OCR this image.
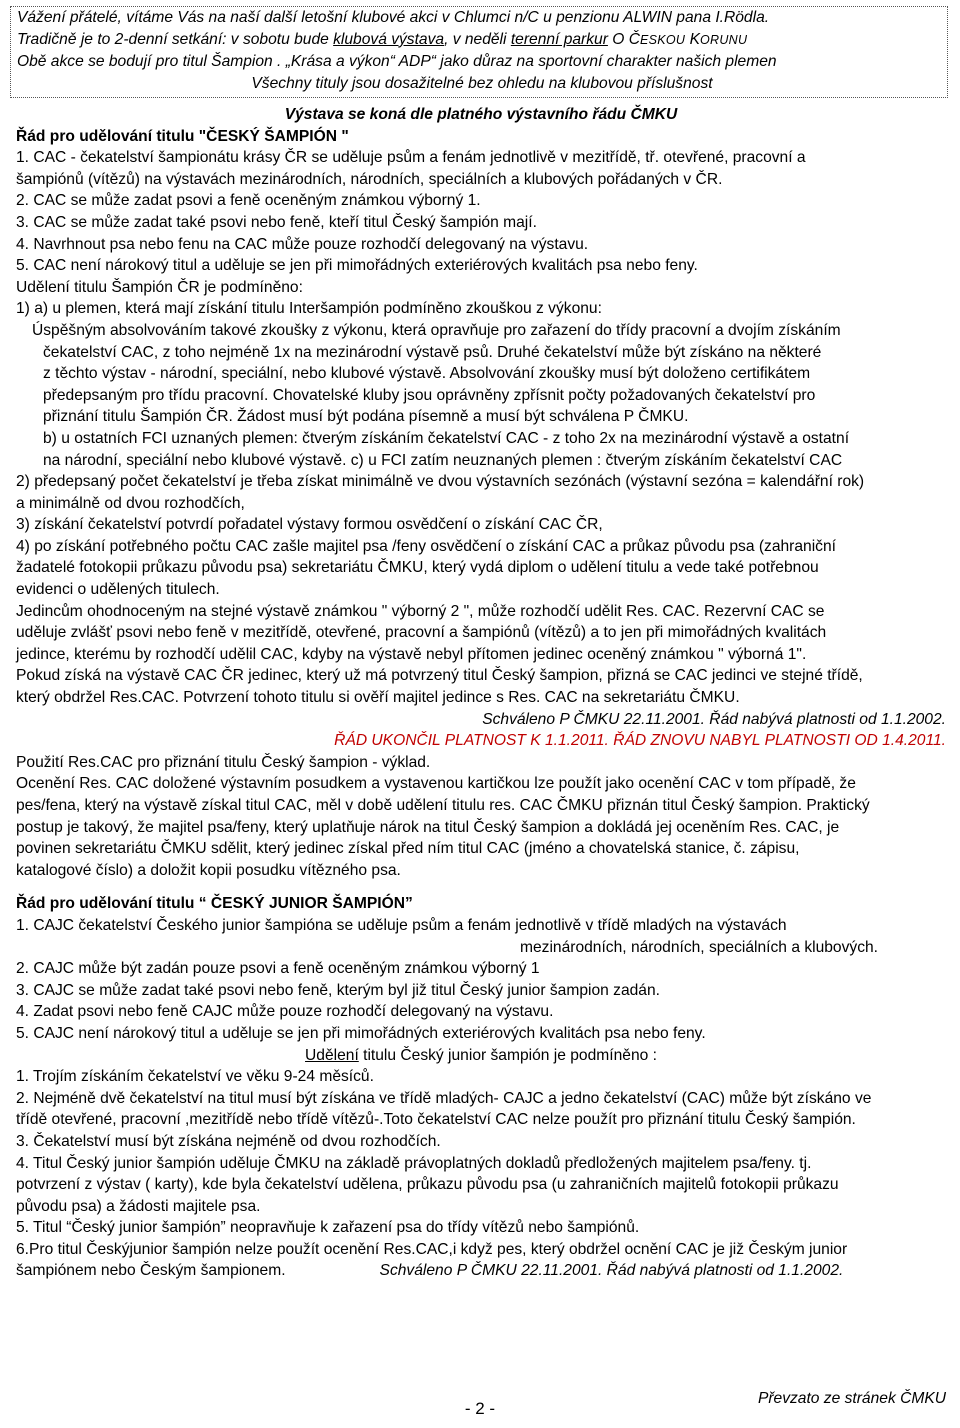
Vážení přátelé, vítáme Vás na naší další letošní klubové akci v Chlumci n/C u penzionu ALWIN pana I.Rödla.
Tradičně je to 2-denní setkání: v sobotu bude klubová výstava, v neděli terenní parkur O ČESKOU KORUNU
Obě akce se bodují pro titul Šampion . „Krása a výkon“ ADP“ jako důraz na sportovní charakter našich plemen
Všechny tituly jsou dosažitelné bez ohledu na klubovou příslušnost
Výstava se koná dle platného výstavního řádu ČMKU
Řád pro udělování titulu "ČESKÝ ŠAMPIÓN "
1. CAC - čekatelství šampionátu krásy ČR se uděluje psům a fenám jednotlivě v mezitřídě, tř. otevřené, pracovní a
šampiónů (vítězů) na výstavách mezinárodních, národních, speciálních a klubových pořádaných v ČR.
2. CAC se může zadat psovi a feně oceněným známkou výborný 1.
3. CAC se může zadat také psovi nebo feně, kteří titul Český šampión mají.
4. Navrhnout psa nebo fenu na CAC může pouze rozhodčí delegovaný na výstavu.
5. CAC není nárokový titul a uděluje se jen při mimořádných exteriérových kvalitách psa nebo feny.
Udělení titulu Šampión ČR je podmíněno:
1) a) u plemen, která mají získání titulu Interšampión podmíněno zkouškou z výkonu:
Úspěšným absolvováním takové zkoušky z výkonu, která opravňuje pro zařazení do třídy pracovní a dvojím získáním
čekatelství CAC, z toho nejméně 1x na mezinárodní výstavě psů. Druhé čekatelství může být získáno na některé
z těchto výstav - národní, speciální, nebo klubové výstavě. Absolvování zkoušky musí být doloženo certifikátem
předepsaným pro třídu pracovní. Chovatelské kluby jsou oprávněny zpřísnit počty požadovaných čekatelství pro
přiznání titulu Šampión ČR. Žádost musí být podána písemně a musí být schválena P ČMKU.
b) u ostatních FCI uznaných plemen: čtverým získáním čekatelství CAC - z toho 2x na mezinárodní výstavě a ostatní
na národní, speciální nebo klubové výstavě. c) u FCI zatím neuznaných plemen : čtverým získáním čekatelství CAC
2) předepsaný počet čekatelství je třeba získat minimálně ve dvou výstavních sezónách (výstavní sezóna = kalendářní rok)
a minimálně od dvou rozhodčích,
3) získání čekatelství potvrdí pořadatel výstavy formou osvědčení o získání CAC ČR,
4) po získání potřebného počtu CAC zašle majitel psa /feny osvědčení o získání CAC a průkaz původu psa (zahraniční
žadatelé fotokopii průkazu původu psa) sekretariátu ČMKU, který vydá diplom o udělení titulu a vede také potřebnou
evidenci o udělených titulech.
Jedincům ohodnoceným na stejné výstavě známkou " výborný 2 ", může rozhodčí udělit Res. CAC. Rezervní CAC se
uděluje zvlášť psovi nebo feně v mezitřídě, otevřené, pracovní a šampiónů (vítězů) a to jen při mimořádných kvalitách
jedince, kterému by rozhodčí udělil CAC, kdyby na výstavě nebyl přítomen jedinec oceněný známkou " výborná 1".
Pokud získá na výstavě CAC ČR jedinec, který už má potvrzený titul Český šampion, přizná se CAC jedinci ve stejné třídě,
který obdržel Res.CAC. Potvrzení tohoto titulu si ověří majitel jedince s Res. CAC na sekretariátu ČMKU.
Schváleno P ČMKU 22.11.2001. Řád nabývá platnosti od 1.1.2002.
ŘÁD UKONČIL PLATNOST K 1.1.2011. ŘÁD ZNOVU NABYL PLATNOSTI OD 1.4.2011.
Použití Res.CAC pro přiznání titulu Český šampion - výklad.
Ocenění Res. CAC doložené výstavním posudkem a vystavenou kartičkou lze použít jako ocenění CAC v tom případě, že
pes/fena, který na výstavě získal titul CAC, měl v době udělení titulu res. CAC ČMKU přiznán titul Český šampion. Praktický
postup je takový, že majitel psa/feny, který uplatňuje nárok na titul Český šampion a dokládá jej oceněním Res. CAC, je
povinen sekretariátu ČMKU sdělit, který jedinec získal před ním titul CAC (jméno a chovatelská stanice, č. zápisu,
katalogové číslo) a doložit kopii posudku vítězného psa.
Řád pro udělování titulu “ ČESKÝ JUNIOR ŠAMPIÓN”
1. CAJC čekatelství Českého junior šampióna se uděluje psům a fenám jednotlivě v třídě mladých na výstavách
mezinárodních, národních, speciálních a klubových.
2. CAJC může být zadán pouze psovi a feně oceněným známkou výborný 1
3. CAJC se může zadat také psovi nebo feně, kterým byl již titul Český junior šampion zadán.
4. Zadat psovi nebo feně CAJC může pouze rozhodčí delegovaný na výstavu.
5. CAJC není nárokový titul a uděluje se jen při mimořádných exteriérových kvalitách psa nebo feny.
Udělení titulu Český junior šampión je podmíněno :
1. Trojím získáním čekatelství ve věku 9-24 měsíců.
2. Nejméně dvě čekatelství na titul musí být získána ve třídě mladých- CAJC a jedno čekatelství (CAC) může být získáno ve
třídě otevřené, pracovní ,mezitřídě nebo třídě vítězů-.Toto čekatelství CAC nelze použít pro přiznání titulu Český šampión.
3. Čekatelství musí být získána nejméně od dvou rozhodčích.
4. Titul Český junior šampión uděluje ČMKU na základě právoplatných dokladů předložených majitelem psa/feny. tj.
potvrzení z výstav ( karty), kde byla čekatelství udělena, průkazu původu psa (u zahraničních majitelů fotokopii průkazu
původu psa) a žádosti majitele psa.
5. Titul “Český junior šampión” neopravňuje k zařazení psa do třídy vítězů nebo šampiónů.
6.Pro titul Českýjunior šampión nelze použít ocenění Res.CAC,i když pes, který obdržel ocnění CAC je již Českým junior
šampiónem nebo Českým šampionem.	Schváleno P ČMKU 22.11.2001. Řád nabývá platnosti od 1.1.2002.
Převzato ze stránek ČMKU
- 2 -
